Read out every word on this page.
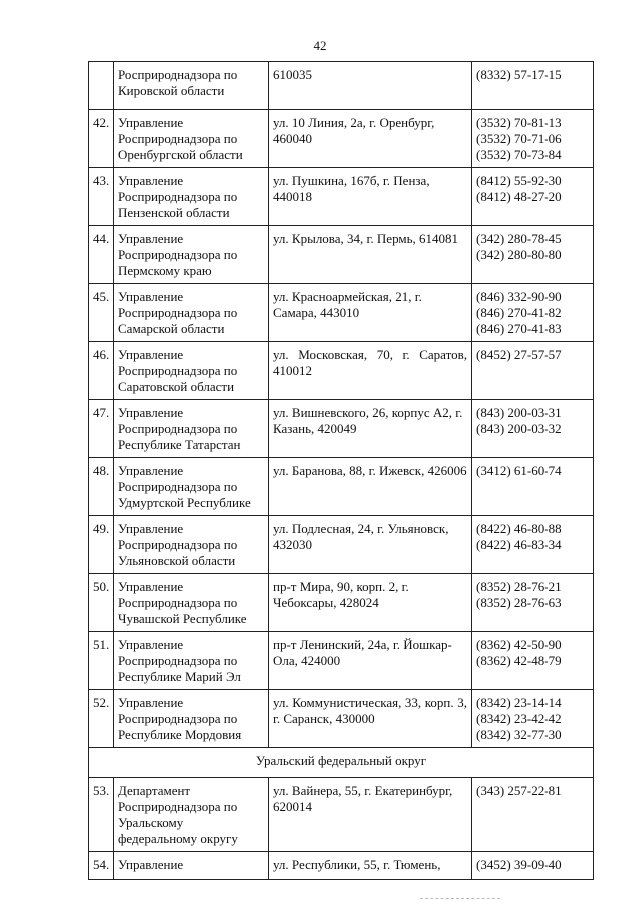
42
	Росприроднадзора по Кировской области	610035	(8332) 57-17-15

42.	Управление Росприроднадзора по Оренбургской области	ул. 10 Линия, 2а, г. Оренбург, 460040	(3532) 70-81-13
(3532) 70-71-06
(3532) 70-73-84

43.	Управление Росприроднадзора по Пензенской области	ул. Пушкина, 167б, г. Пенза, 440018	(8412) 55-92-30
(8412) 48-27-20

44.	Управление Росприроднадзора по Пермскому краю	ул. Крылова, 34, г. Пермь, 614081	(342) 280-78-45
(342) 280-80-80

45.	Управление Росприроднадзора по Самарской области	ул. Красноармейская, 21, г. Самара, 443010	(846) 332-90-90
(846) 270-41-82
(846) 270-41-83

46.	Управление Росприроднадзора по Саратовской области	ул. Московская, 70, г. Саратов, 410012	(8452) 27-57-57

47.	Управление Росприроднадзора по Республике Татарстан	ул. Вишневского, 26, корпус А2, г. Казань, 420049	(843) 200-03-31
(843) 200-03-32

48.	Управление Росприроднадзора по Удмуртской Республике	ул. Баранова, 88, г. Ижевск, 426006	(3412) 61-60-74

49.	Управление Росприроднадзора по Ульяновской области	ул. Подлесная, 24, г. Ульяновск, 432030	(8422) 46-80-88
(8422) 46-83-34

50.	Управление Росприроднадзора по Чувашской Республике	пр-т Мира, 90, корп. 2, г. Чебоксары, 428024	(8352) 28-76-21
(8352) 28-76-63

51.	Управление Росприроднадзора по Республике Марий Эл	пр-т Ленинский, 24а, г. Йошкар-Ола, 424000	(8362) 42-50-90
(8362) 42-48-79

52.	Управление Росприроднадзора по Республике Мордовия	ул. Коммунистическая, 33, корп. 3, г. Саранск, 430000	(8342) 23-14-14
(8342) 23-42-42
(8342) 32-77-30

Уральский федеральный округ			
53.	Департамент Росприроднадзора по Уральскому федеральному округу	ул. Вайнера, 55, г. Екатеринбург, 620014	(343) 257-22-81

54.	Управление	ул. Республики, 55, г. Тюмень,	(3452) 39-09-40
